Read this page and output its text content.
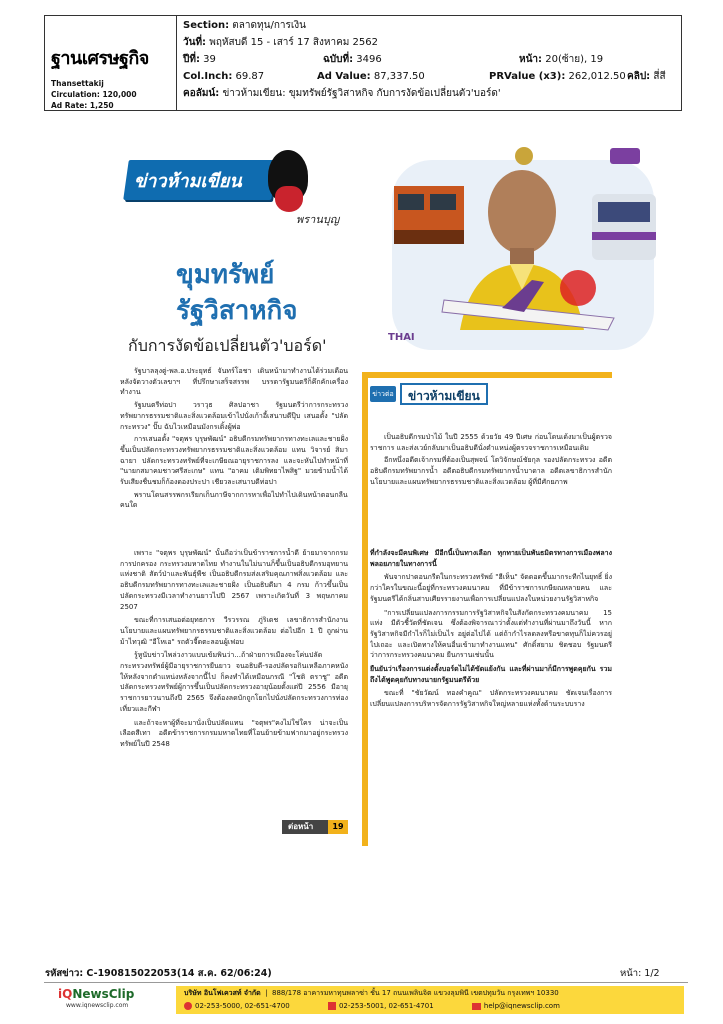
ฐานเศรษฐกิจ
Thansettakij
Circulation: 120,000
Ad Rate: 1,250
Section: ตลาดทุน/การเงิน
วันที่: พฤหัสบดี 15 - เสาร์ 17 สิงหาคม 2562
ปีที่: 39	ฉบับที่: 3496	หน้า: 20(ซ้าย), 19
Col.Inch: 69.87	Ad Value: 87,337.50	PRValue (x3): 262,012.50 คลิป: สี่สี
คอลัมน์: ข่าวห้ามเขียน: ขุมทรัพย์รัฐวิสาหกิจ กับการงัดข้อเปลี่ยนตัว'บอร์ด'
ข่าวห้ามเขียน
พรานบุญ
ขุมทรัพย์
รัฐวิสาหกิจ
กับการงัดข้อเปลี่ยนตัว'บอร์ด'	THAI
ข่าวต่อ	ข่าวห้ามเขียน

รัฐบาลลุงตู่-พล.อ.ประยุทธ์ จันทร์โอชา เดินหน้ามาทำงานได้ร่วมเดือน หลังจัดวางตัวเลขาฯ ที่ปรึกษาเสร็จสรรพ บรรดารัฐมนตรีก็คึกคักเครื่องทำงาน

รัฐมนตรีท่อปา วราวุธ ศิลปอาชา รัฐมนตรีว่าการกระทรวงทรัพยากรธรรมชาติและสิ่งแวดล้อมเข้าไปนั่งเก้าอี้เสนาบดีปุ๊บ เสนอตั้ง "ปลัดกระทรวง" ปั๊บ ฉับไวเหมือนมังกรเติ้งผู้พ่อ

การเสนอตั้ง "จตุพร บุรุษพัฒน์" อธิบดีกรมทรัพยากรทางทะเลและชายฝั่ง ขึ้นเป็นปลัดกระทรวงทรัพยากรธรรมชาติและสิ่งแวดล้อม แทน วิจารย์ สิมาฉายา ปลัดกระทรวงทรัพย์ที่จะเกษียณอายุราชการลง และจะหันไปทำหน้าที่ "นายกสมาคมชาวศรีสะเกษ" แทน "อาคม เติมพิทยาไพสิฐ" มวยข้ามน้ำได้รับเสียงชื่นชมก็ก้องดองประปา เชียวละเสนาบดีท่อปา

พรานโดนสรรพกรเรียกเก็บภาษีจากการหาเพื่อไปทำไปเดินหน้าตอนกลืนคนใด

เป็นอธิบดีกรมป่าไม้ ในปี 2555 ด้วยวัย 49 ปีเศษ ก่อนโดนเด้งมาเป็นผู้ตรวจราชการ และส่งเวย์กลับมาเป็นอธิบดีนั่งตำแหน่งผู้ตรวจราชการเหมือนเดิม

อีกหนึ่งอดีตเจ้ากรมที่ต้องเป็นสุพจน์ โตวิจักษณ์ชัยกุล รองปลัดกระทรวง อดีตอธิบดีกรมทรัพยากรน้ำ อดีตอธิบดีกรมทรัพยากรน้ำบาดาล อดีตเลขาธิการสำนักนโยบายและแผนทรัพยากรธรรมชาติและสิ่งแวดล้อม ผู้ที่มีศักยภาพ

เพราะ "จตุพร บุรุษพัฒน์" นั้นถือว่าเป็นข้าราชการน้ำดี ย้ายมาจากกรมการปกครอง กระทรวงมหาดไทย ทำงานในไม่นานก็ขึ้นเป็นอธิบดีกรมอุทยานแห่งชาติ สัตว์ป่าและพันธุ์พืช เป็นอธิบดีกรมส่งเสริมคุณภาพสิ่งแวดล้อม และอธิบดีกรมทรัพยากรทางทะเลและชายฝั่ง เป็นอธิบดีมา 4 กรม ก้าวขึ้นเป็นปลัดกระทรวงมีเวลาทำงานยาวไปปี 2567 เพราะเกิดวันที่ 3 พฤษภาคม 2507

ขณะที่การเสนอต่อยุทธการ วีรวรรณ ภู่ริเดช เลขาธิการสำนักงานนโยบายและแผนทรัพยากรธรรมชาติและสิ่งแวดล้อม ต่อไปอีก 1 ปี ถูกผ่านม้าไทวุฒิ "อีโหเอ" รถตัวจี๊ดตะลอนผู้เฟอบ

รู้หูนับข่าวไพล่วงาวแบบเข้มพินว่า...ถ้าฝ่ายการเมืองจะโค่นปลัดกระทรวงทรัพย์ผู้มีอายุราชการยืนยาว จนอธิบดี-รองปลัดรอกินเหลือภาคหนังให้หลังจากตำแหน่งหลังจากนี้ไป ก็คงทำได้เหมือนกรณี "โชติ ตราชู" อดีตปลัดกระทรวงทรัพย์ผู้การขึ้นเป็นปลัดกระทรวงอายุน้อยตั้งแต่ปี 2556 มีอายุราชการยาวนานถึงปี 2565 จึงต้องลดบักถูกโยกไปนั่งปลัดกระทรวงการท่องเที่ยวและกีฬา

และถ้าจะหาผู้ที่จะมานั่งเป็นปลัดแทน "จตุพร"คงไม่ใช่ใคร น่าจะเป็นเลือดสีเทา อดีตข้าราชการกรมมหาดไทยที่โอนย้ายข้ามฟากมาอยู่กระทรวงทรัพย์ในปี 2548

ที่กำลังจะมีคนพิเศษ มีอีกนี้เป็นทางเลือก ทุกทายเป็นพันธมิตรทางการเมืองพลางพลอยภายในทางการนี้

พันจากปาดอนกรีดในกระทรวงทรัพย์ "ฮีเห็น" จัดดอดขึ้นมากระทีกไนยุทธิ์ ยิ่งกว่าใครในขณะนี้อยู่ที่กระทรวงคมนาคม ที่มีข้าราชการเกษียณหลายคน และรัฐมนตรีได้กลิ่นสาบเศียรรายงานเพื่อการเปลี่ยนแปลงในหน่วยงานรัฐวิสาหกิจ

"การเปลี่ยนแปลงการกรรมการรัฐวิสาหกิจในสังกัดกระทรวงคมนาคม 15 แห่ง มีตัวชี้วัดที่ชัดเจน ซึ่งต้องพิจารณาว่าตั้งแต่ทำงานที่ผ่านมาถึงวันนี้ หากรัฐวิสาหกิจมีกำไรก็ไม่เป็นไร อยู่ต่อไปได้ แต่ถ้ากำไรลดลงหรือขาดทุนก็ไม่ควรอยู่ ไปเถอะ และเปิดทางให้คนอื่นเข้ามาทำงานแทน" ศักดิ์สยาม ชิดชอบ รัฐมนตรีว่าการกระทรวงคมนาคม ยืนกรานเช่นนั้น

ยืนยันว่าเรื่องการแต่งตั้งบอร์ดไม่ได้ขัดแย้งกัน และที่ผ่านมาก็มีการพูดคุยกัน รวมถึงได้พูดคุยกับทางนายกรัฐมนตรีด้วย

ขณะที่ "ชัยวัฒน์ ทองคำคูณ" ปลัดกระทรวงคมนาคม ชัดเจนเรื่องการเปลี่ยนแปลงการบริหารจัดการรัฐวิสาหกิจใหญ่หลายแห่งทั้งด้านระบบราง

ต่อหน้า	19
รหัสข่าว: C-190815022053(14 ส.ค. 62/06:24)	หน้า: 1/2
iQNewsClip
www.iqnewsclip.com
บริษัท อินโฟเควสท์ จำกัด  |  888/178 อาคารมหาทุนพลาซ่า ชั้น 17 ถนนเพลินจิต แขวงลุมพินี เขตปทุมวัน กรุงเทพฯ 10330
02-253-5000, 02-651-4700	02-253-5001, 02-651-4701	help@iqnewsclip.com
